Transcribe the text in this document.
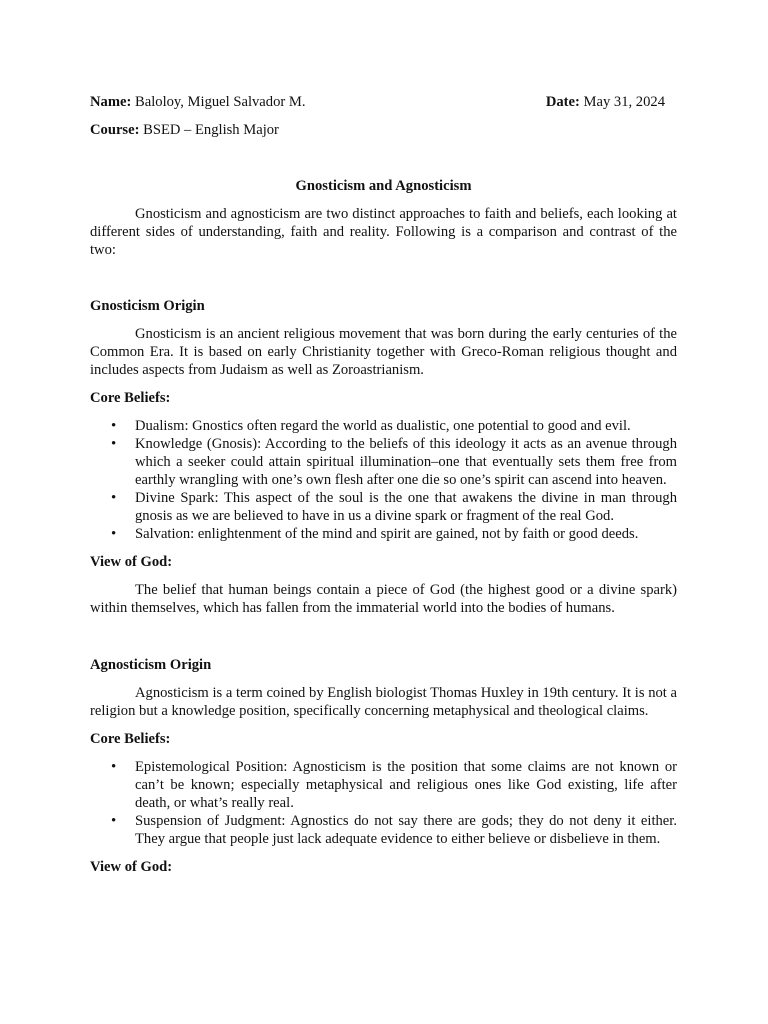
Name: Baloloy, Miguel Salvador M.	Date: May 31, 2024

Course: BSED – English Major

Gnosticism and Agnosticism

Gnosticism and agnosticism are two distinct approaches to faith and beliefs, each looking at different sides of understanding, faith and reality. Following is a comparison and contrast of the two:

Gnosticism Origin

Gnosticism is an ancient religious movement that was born during the early centuries of the Common Era. It is based on early Christianity together with Greco-Roman religious thought and includes aspects from Judaism as well as Zoroastrianism.

Core Beliefs:
• Dualism: Gnostics often regard the world as dualistic, one potential to good and evil.
• Knowledge (Gnosis): According to the beliefs of this ideology it acts as an avenue through which a seeker could attain spiritual illumination–one that eventually sets them free from earthly wrangling with one’s own flesh after one die so one’s spirit can ascend into heaven.
• Divine Spark: This aspect of the soul is the one that awakens the divine in man through gnosis as we are believed to have in us a divine spark or fragment of the real God.
• Salvation: enlightenment of the mind and spirit are gained, not by faith or good deeds.
View of God:

The belief that human beings contain a piece of God (the highest good or a divine spark) within themselves, which has fallen from the immaterial world into the bodies of humans.

Agnosticism Origin

Agnosticism is a term coined by English biologist Thomas Huxley in 19th century. It is not a religion but a knowledge position, specifically concerning metaphysical and theological claims.

Core Beliefs:
• Epistemological Position: Agnosticism is the position that some claims are not known or can’t be known; especially metaphysical and religious ones like God existing, life after death, or what’s really real.
• Suspension of Judgment: Agnostics do not say there are gods; they do not deny it either. They argue that people just lack adequate evidence to either believe or disbelieve in them.
View of God:
